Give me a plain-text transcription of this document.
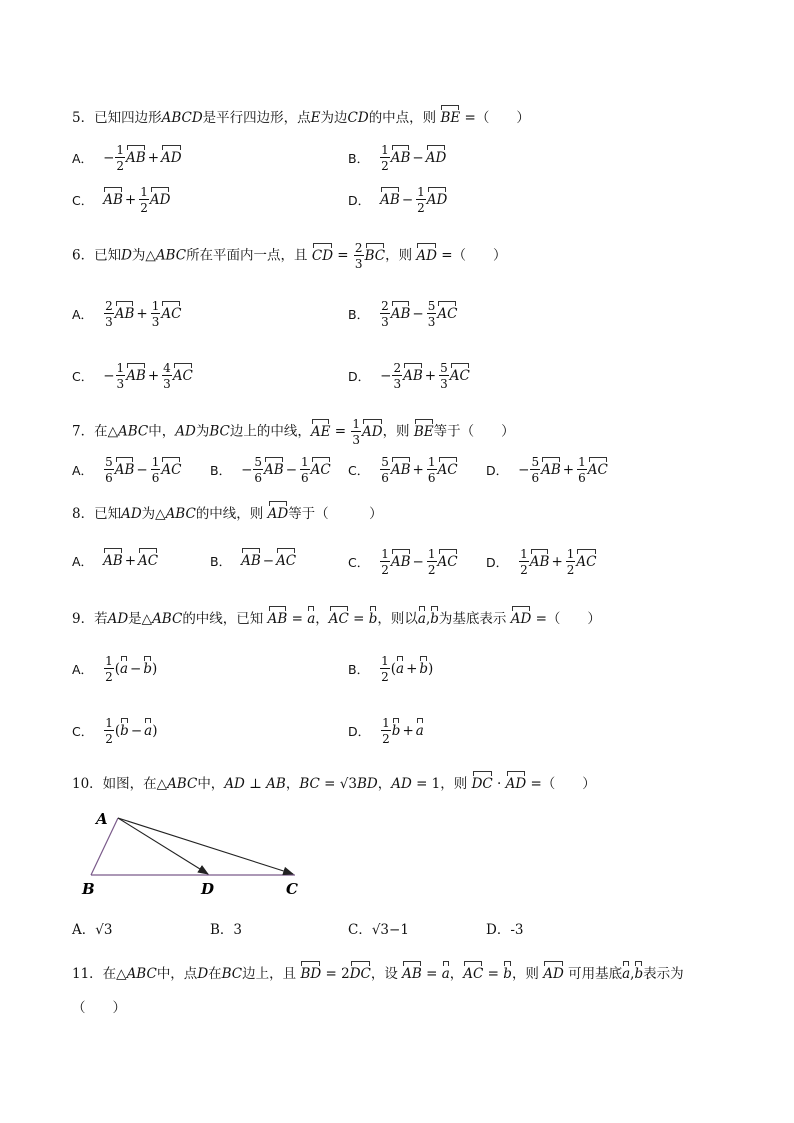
5．已知四边形ABCD是平行四边形，点E为边CD的中点，则 BE =（　　）
A． − $\frac{1}{2}$ AB + AD	B． $\frac{1}{2}$ AB − AD
C． AB + $\frac{1}{2}$ AD	D． AB − $\frac{1}{2}$ AD
6．已知D为△ABC所在平面内一点，且 CD = $\frac{2}{3}$ BC，则 AD =（　　）
A． $\frac{2}{3}$ AB + $\frac{1}{3}$ AC	B． $\frac{2}{3}$ AB − $\frac{5}{3}$ AC
C． − $\frac{1}{3}$ AB + $\frac{4}{3}$ AC	D． − $\frac{2}{3}$ AB + $\frac{5}{3}$ AC
7．在△ABC中，AD为BC边上的中线，AE = $\frac{1}{3}$ AD，则 BE等于（　　）
A． $\frac{5}{6}$ AB − $\frac{1}{6}$ AC B． − $\frac{5}{6}$ AB − $\frac{1}{6}$ AC C． $\frac{5}{6}$ AB + $\frac{1}{6}$ AC D． − $\frac{5}{6}$ AB + $\frac{1}{6}$ AC
8．已知AD为△ABC的中线，则 AD等于（　　　）
A． AB + AC	B． AB − AC	C． $\frac{1}{2}$ AB − $\frac{1}{2}$ AC D． $\frac{1}{2}$ AB + $\frac{1}{2}$ AC
9．若AD是△ABC的中线，已知 AB = a，AC = b，则以a,b为基底表示 AD =（　　）
A． $\frac{1}{2}$ ( a − b )	B． $\frac{1}{2}$ ( a + b )
C． $\frac{1}{2}$ ( b − a )	D． $\frac{1}{2}$ b + a
10．如图，在△ABC中，AD ⊥ AB，BC = √3BD，AD = 1，则 DC · AD =（　　）
A
B	D	C
A．√3	B．3	C．√3−1	D．-3
11．在△ABC中，点D在BC边上，且 BD = 2DC，设 AB = a，AC = b，则 AD 可用基底a,b表示为
（　　）
